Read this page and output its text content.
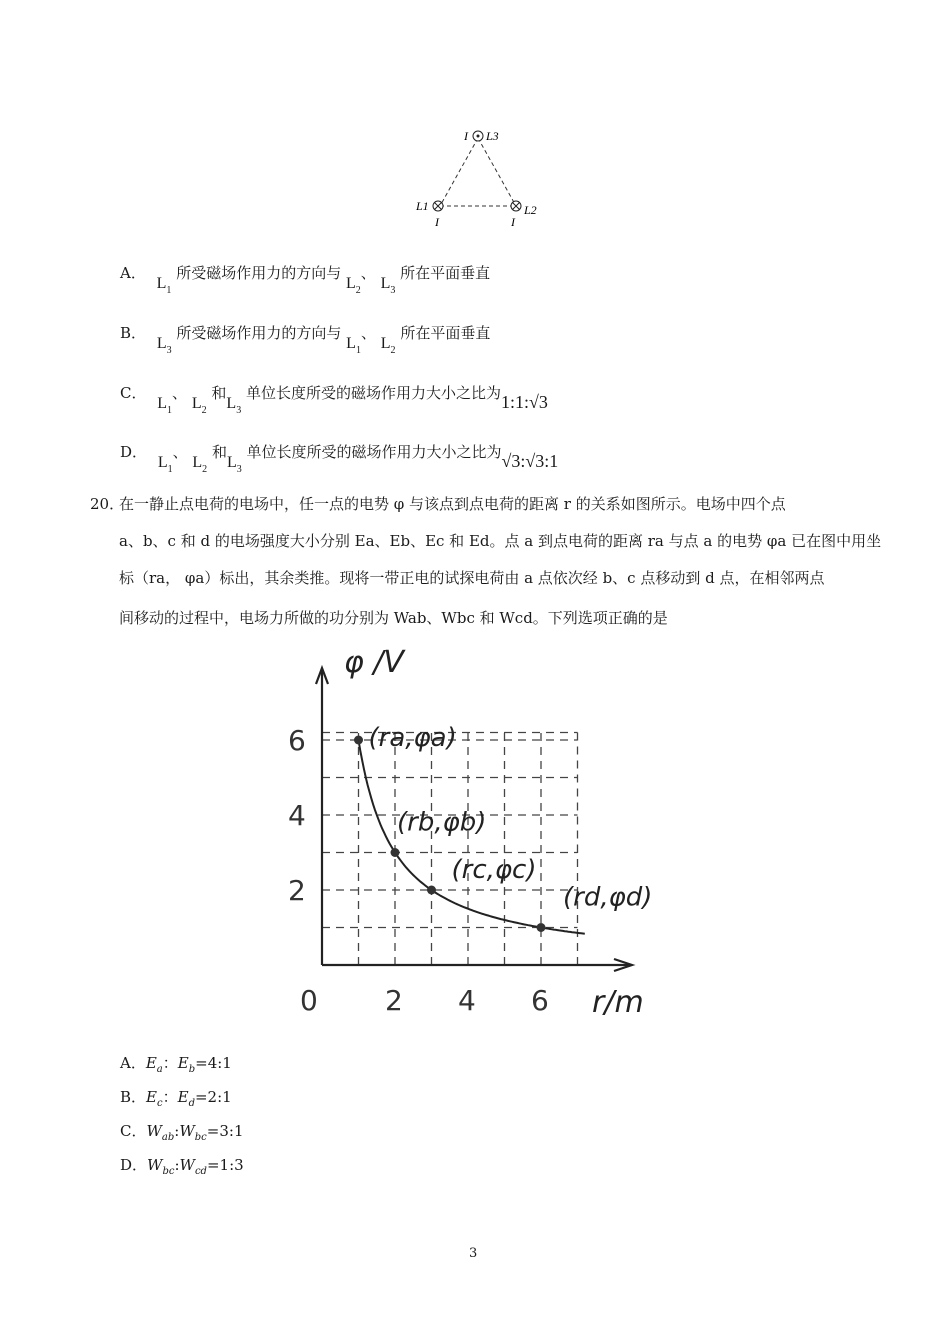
I L3
L1
I
L2
I
A． $L_1$ 所受磁场作用力的方向与 $L_2$、 $L_3$ 所在平面垂直
B． $L_3$ 所受磁场作用力的方向与 $L_1$、 $L_2$ 所在平面垂直
C． $L_1$、 $L_2$ 和$L_3$ 单位长度所受的磁场作用力大小之比为1:1:√3
D． $L_1$、 $L_2$ 和$L_3$ 单位长度所受的磁场作用力大小之比为√3:√3:1
20．
在一静止点电荷的电场中，任一点的电势 φ 与该点到点电荷的距离 r 的关系如图所示。电场中四个点
a、b、c 和 d 的电场强度大小分别 Ea、Eb、Ec 和 Ed。点 a 到点电荷的距离 ra 与点 a 的电势 φa 已在图中用坐
标（ra， φa）标出，其余类推。现将一带正电的试探电荷由 a 点依次经 b、c 点移动到 d 点，在相邻两点
间移动的过程中，电场力所做的功分别为 Wab、Wbc 和 Wcd。下列选项正确的是
(ra,φa)
(rb,φb)
(rc,φc)
(rd,φd)
2
4
6
2 4 6
0
φ /V
r/m
A．$E_a$：$E_b=4:1$
B．$E_c$：$E_d=2:1$
C．$W_{ab}:W_{bc}=3:1$
D．$W_{bc}:W_{cd}=1:3$
3
